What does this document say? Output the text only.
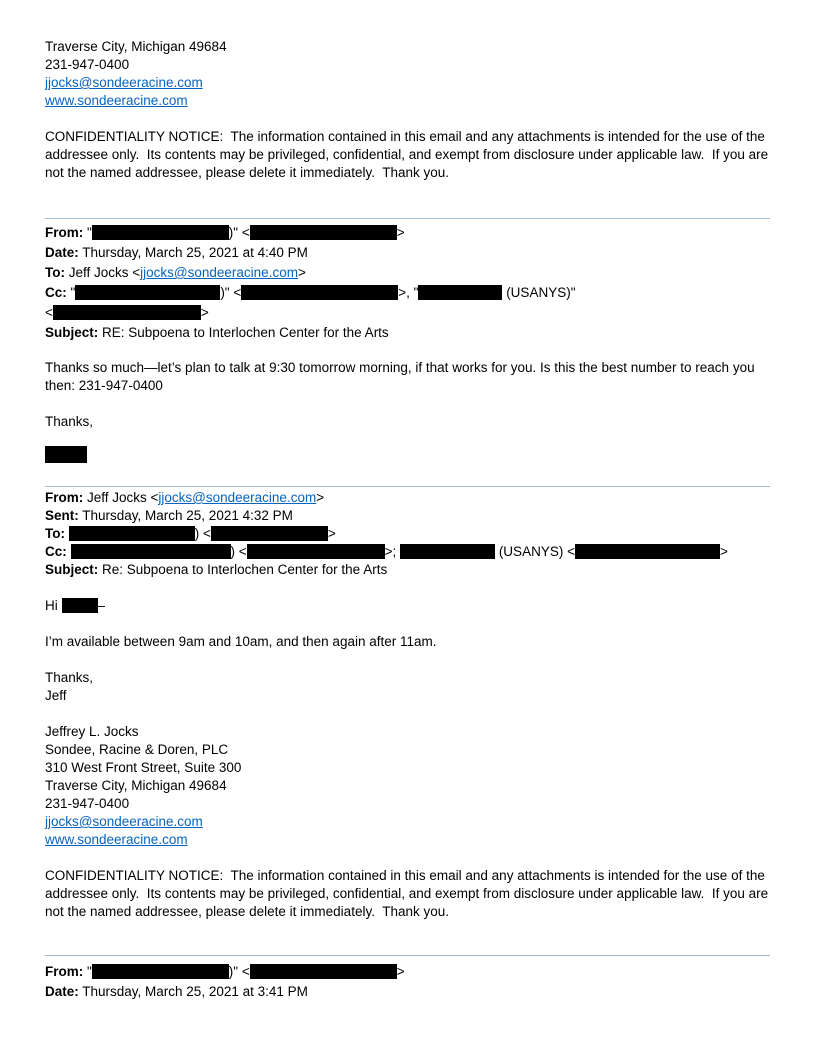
Traverse City, Michigan 49684
231-947-0400
jjocks@sondeeracine.com
www.sondeeracine.com
CONFIDENTIALITY NOTICE:  The information contained in this email and any attachments is intended for the use of the
addressee only.  Its contents may be privileged, confidential, and exempt from disclosure under applicable law.  If you are
not the named addressee, please delete it immediately.  Thank you.
From: "	)" <	>
Date: Thursday, March 25, 2021 at 4:40 PM
To: Jeff Jocks <jjocks@sondeeracine.com>
Cc: "	)" <	>, "	(USANYS)"
<	>
Subject: RE: Subpoena to Interlochen Center for the Arts
Thanks so much—let’s plan to talk at 9:30 tomorrow morning, if that works for you. Is this the best number to reach you
then: 231-947-0400
Thanks,
From: Jeff Jocks <jjocks@sondeeracine.com>
Sent: Thursday, March 25, 2021 4:32 PM
To:	) <	>
Cc:	) <	>;	(USANYS) <	>
Subject: Re: Subpoena to Interlochen Center for the Arts
Hi	–
I’m available between 9am and 10am, and then again after 11am.
Thanks,
Jeff
Jeffrey L. Jocks
Sondee, Racine & Doren, PLC
310 West Front Street, Suite 300
Traverse City, Michigan 49684
231-947-0400
jjocks@sondeeracine.com
www.sondeeracine.com
CONFIDENTIALITY NOTICE:  The information contained in this email and any attachments is intended for the use of the
addressee only.  Its contents may be privileged, confidential, and exempt from disclosure under applicable law.  If you are
not the named addressee, please delete it immediately.  Thank you.
From: "	)" <	>
Date: Thursday, March 25, 2021 at 3:41 PM
